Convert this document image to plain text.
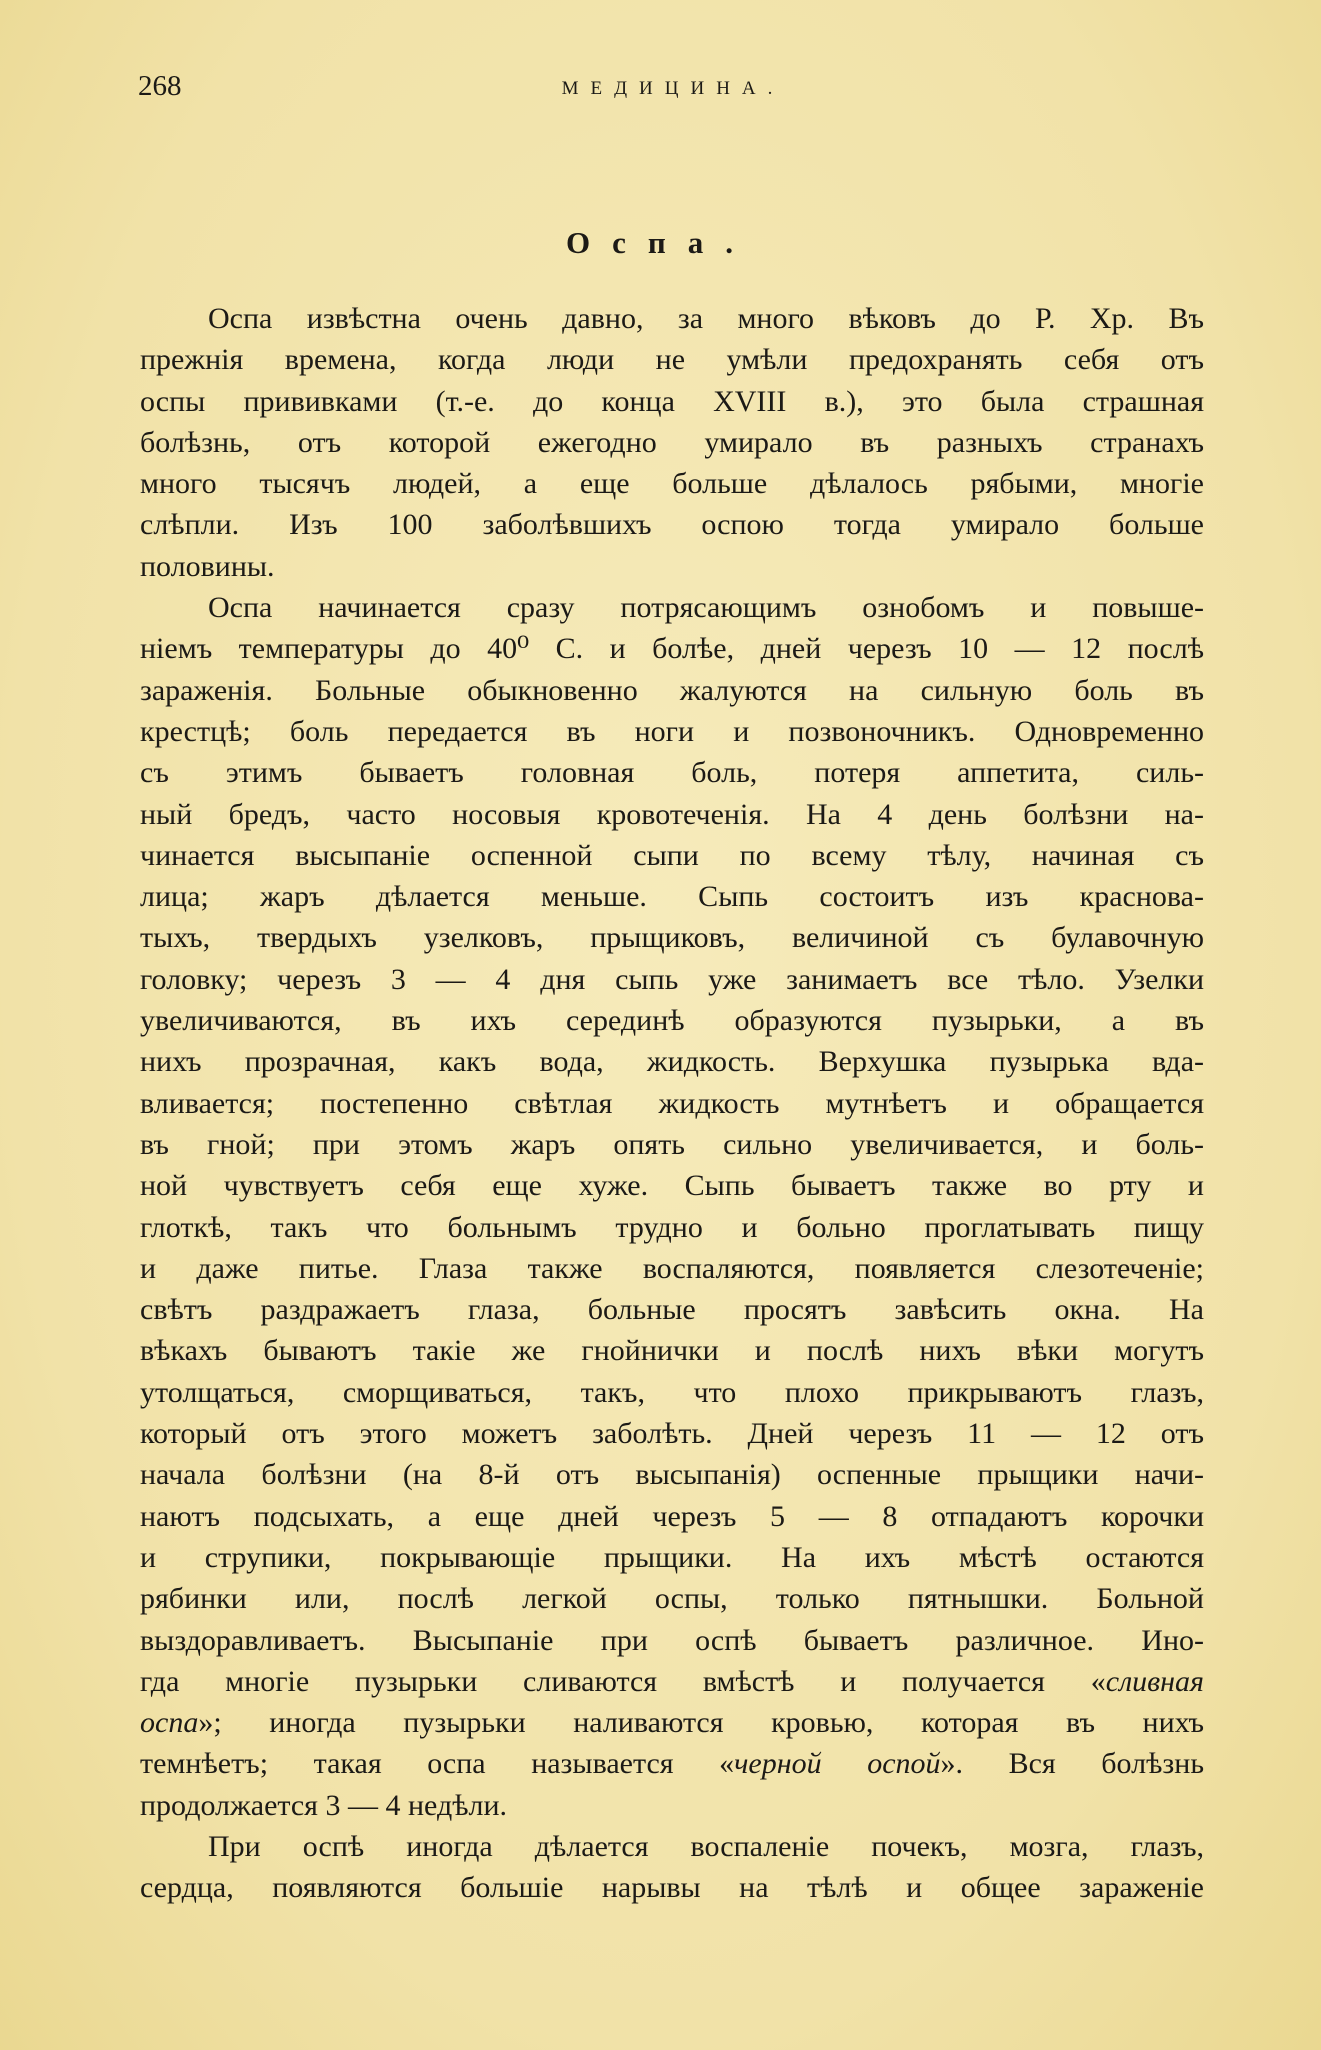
268	МЕДИЦИНА.
Оспа.
Оспа извѣстна очень давно, за много вѣковъ до Р. Хр. Въ
прежнія времена, когда люди не умѣли предохранять себя отъ
оспы прививками (т.-е. до конца XVIII в.), это была страшная
болѣзнь, отъ которой ежегодно умирало въ разныхъ странахъ
много тысячъ людей, а еще больше дѣлалось рябыми, многіе
слѣпли. Изъ 100 заболѣвшихъ оспою тогда умирало больше
половины.
Оспа начинается сразу потрясающимъ ознобомъ и повыше-
ніемъ температуры до 40⁰ С. и болѣе, дней черезъ 10 — 12 послѣ
зараженія. Больные обыкновенно жалуются на сильную боль въ
крестцѣ; боль передается въ ноги и позвоночникъ. Одновременно
съ этимъ бываетъ головная боль, потеря аппетита, силь-
ный бредъ, часто носовыя кровотеченія. На 4 день болѣзни на-
чинается высыпаніе оспенной сыпи по всему тѣлу, начиная съ
лица; жаръ дѣлается меньше. Сыпь состоитъ изъ краснова-
тыхъ, твердыхъ узелковъ, прыщиковъ, величиной съ булавочную
головку; черезъ 3 — 4 дня сыпь уже занимаетъ все тѣло. Узелки
увеличиваются, въ ихъ серединѣ образуются пузырьки, а въ
нихъ прозрачная, какъ вода, жидкость. Верхушка пузырька вда-
вливается; постепенно свѣтлая жидкость мутнѣетъ и обращается
въ гной; при этомъ жаръ опять сильно увеличивается, и боль-
ной чувствуетъ себя еще хуже. Сыпь бываетъ также во рту и
глоткѣ, такъ что больнымъ трудно и больно проглатывать пищу
и даже питье. Глаза также воспаляются, появляется слезотеченіе;
свѣтъ раздражаетъ глаза, больные просятъ завѣсить окна. На
вѣкахъ бываютъ такіе же гнойнички и послѣ нихъ вѣки могутъ
утолщаться, сморщиваться, такъ, что плохо прикрываютъ глазъ,
который отъ этого можетъ заболѣть. Дней черезъ 11 — 12 отъ
начала болѣзни (на 8-й отъ высыпанія) оспенные прыщики начи-
наютъ подсыхать, а еще дней черезъ 5 — 8 отпадаютъ корочки
и струпики, покрывающіе прыщики. На ихъ мѣстѣ остаются
рябинки или, послѣ легкой оспы, только пятнышки. Больной
выздоравливаетъ. Высыпаніе при оспѣ бываетъ различное. Ино-
гда многіе пузырьки сливаются вмѣстѣ и получается «сливная
оспа»; иногда пузырьки наливаются кровью, которая въ нихъ
темнѣетъ; такая оспа называется «черной оспой». Вся болѣзнь
продолжается 3 — 4 недѣли.
При оспѣ иногда дѣлается воспаленіе почекъ, мозга, глазъ,
сердца, появляются большіе нарывы на тѣлѣ и общее зараженіе
